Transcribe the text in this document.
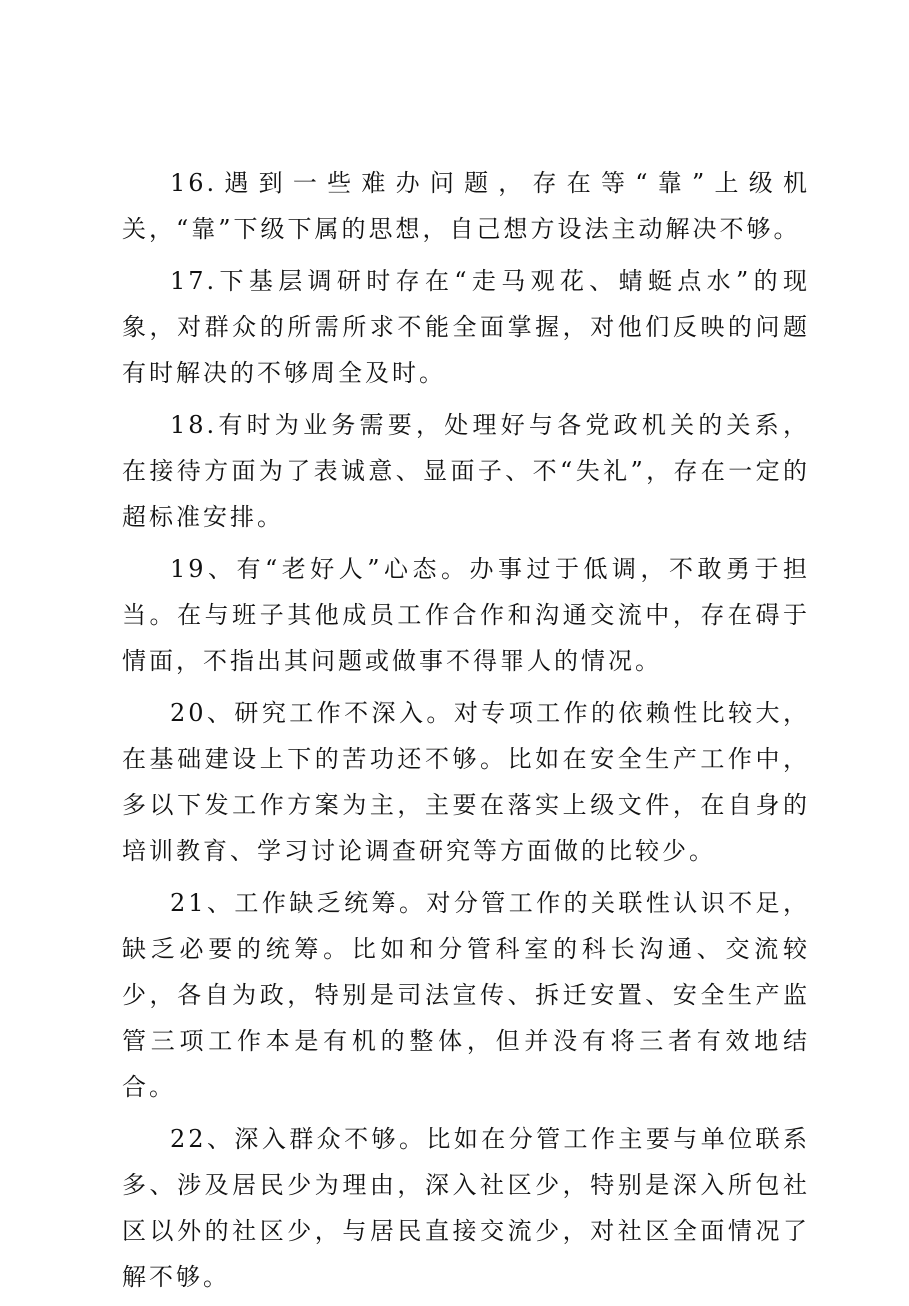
16.遇到一些难办问题，存在等“靠”上级机关，“靠”下级下属的思想，自己想方设法主动解决不够。

17.下基层调研时存在“走马观花、蜻蜓点水”的现象，对群众的所需所求不能全面掌握，对他们反映的问题有时解决的不够周全及时。

18.有时为业务需要，处理好与各党政机关的关系，在接待方面为了表诚意、显面子、不“失礼”，存在一定的超标准安排。

19、有“老好人”心态。办事过于低调，不敢勇于担当。在与班子其他成员工作合作和沟通交流中，存在碍于情面，不指出其问题或做事不得罪人的情况。

20、研究工作不深入。对专项工作的依赖性比较大，在基础建设上下的苦功还不够。比如在安全生产工作中，多以下发工作方案为主，主要在落实上级文件，在自身的培训教育、学习讨论调查研究等方面做的比较少。

21、工作缺乏统筹。对分管工作的关联性认识不足，缺乏必要的统筹。比如和分管科室的科长沟通、交流较少，各自为政，特别是司法宣传、拆迁安置、安全生产监管三项工作本是有机的整体，但并没有将三者有效地结合。

22、深入群众不够。比如在分管工作主要与单位联系多、涉及居民少为理由，深入社区少，特别是深入所包社区以外的社区少，与居民直接交流少，对社区全面情况了解不够。
